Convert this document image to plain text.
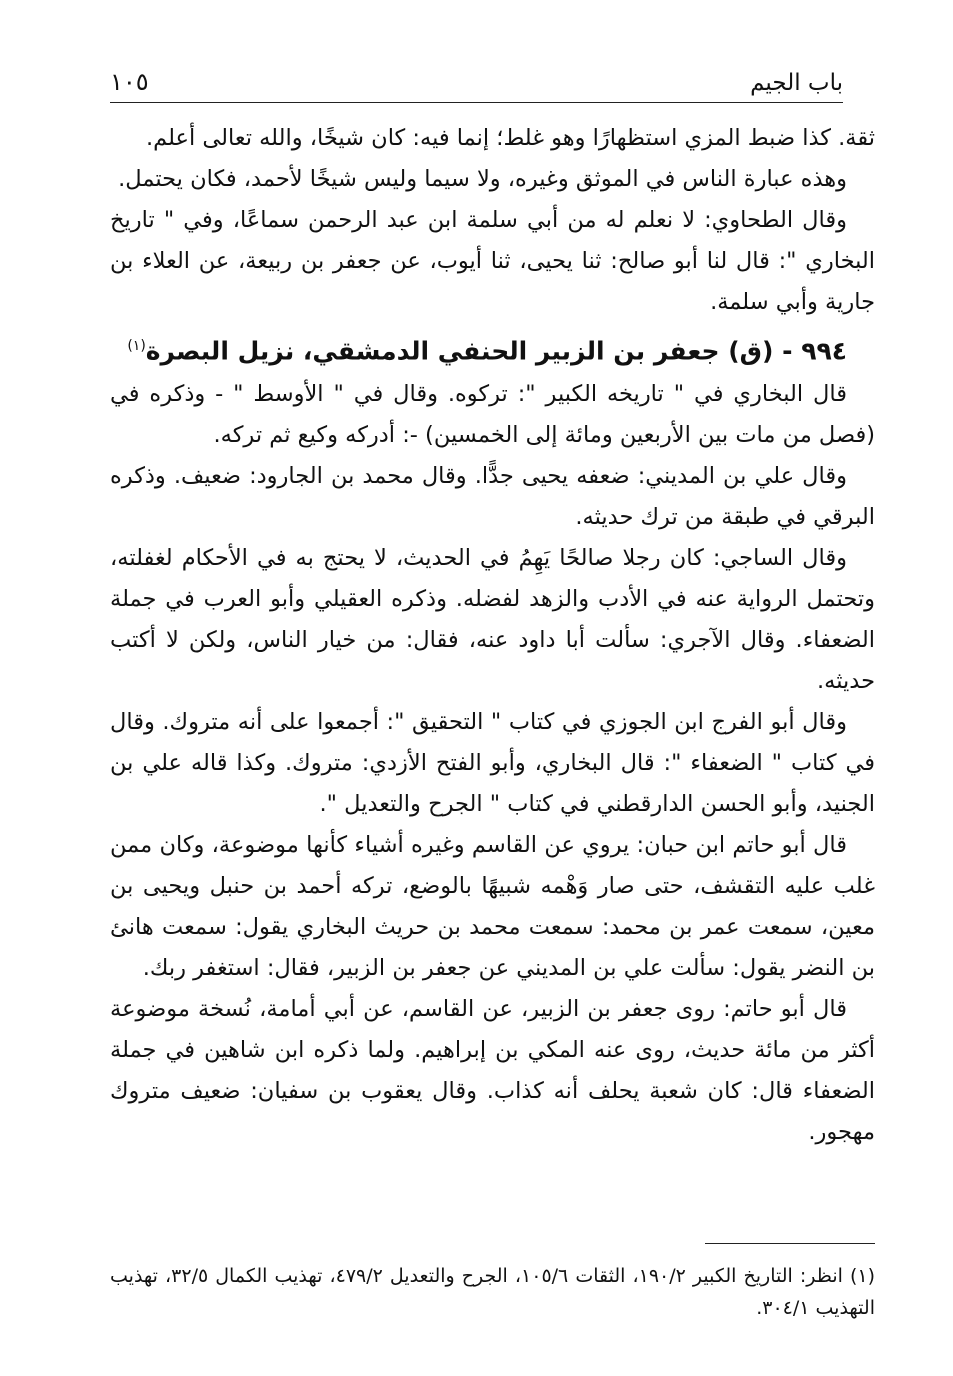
باب الجيم
١٠٥

ثقة. كذا ضبط المزي استظهارًا وهو غلط؛ إنما فيه: كان شيخًا، والله تعالى أعلم.

وهذه عبارة الناس في الموثق وغيره، ولا سيما وليس شيخًا لأحمد، فكان يحتمل.

وقال الطحاوي: لا نعلم له من أبي سلمة ابن عبد الرحمن سماعًا، وفي " تاريخ البخاري ": قال لنا أبو صالح: ثنا يحيى، ثنا أيوب، عن جعفر بن ربيعة، عن العلاء بن جارية وأبي سلمة.

٩٩٤ - (ق) جعفر بن الزبير الحنفي الدمشقي، نزيل البصرة$^{(١)}$

قال البخاري في " تاريخه الكبير ": تركوه. وقال في " الأوسط " - وذكره في (فصل من مات بين الأربعين ومائة إلى الخمسين) -: أدركه وكيع ثم تركه.

وقال علي بن المديني: ضعفه يحيى جدًّا. وقال محمد بن الجارود: ضعيف. وذكره البرقي في طبقة من ترك حديثه.

وقال الساجي: كان رجلا صالحًا يَهِمُ في الحديث، لا يحتج به في الأحكام لغفلته، وتحتمل الرواية عنه في الأدب والزهد لفضله. وذكره العقيلي وأبو العرب في جملة الضعفاء. وقال الآجري: سألت أبا داود عنه، فقال: من خيار الناس، ولكن لا أكتب حديثه.

وقال أبو الفرج ابن الجوزي في كتاب " التحقيق ": أجمعوا على أنه متروك. وقال في كتاب " الضعفاء ": قال البخاري، وأبو الفتح الأزدي: متروك. وكذا قاله علي بن الجنيد، وأبو الحسن الدارقطني في كتاب " الجرح والتعديل ".

قال أبو حاتم ابن حبان: يروي عن القاسم وغيره أشياء كأنها موضوعة، وكان ممن غلب عليه التقشف، حتى صار وَهْمه شبيهًا بالوضع، تركه أحمد بن حنبل ويحيى بن معين، سمعت عمر بن محمد: سمعت محمد بن حريث البخاري يقول: سمعت هانئ بن النضر يقول: سألت علي بن المديني عن جعفر بن الزبير، فقال: استغفر ربك.

قال أبو حاتم: روى جعفر بن الزبير، عن القاسم، عن أبي أمامة، نُسخة موضوعة أكثر من مائة حديث، روى عنه المكي بن إبراهيم. ولما ذكره ابن شاهين في جملة الضعفاء قال: كان شعبة يحلف أنه كذاب. وقال يعقوب بن سفيان: ضعيف متروك مهجور.

(١) انظر: التاريخ الكبير ١٩٠/٢، الثقات ١٠٥/٦، الجرح والتعديل ٤٧٩/٢، تهذيب الكمال ٣٢/٥، تهذيب التهذيب ٣٠٤/١.
